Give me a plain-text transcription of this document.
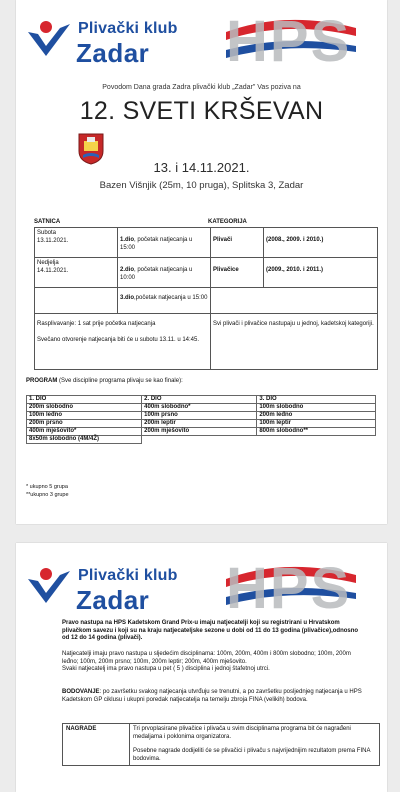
Plivački klub
Zadar HPS
Povodom Dana grada Zadra plivački klub „Zadar" Vas poziva na
12. SVETI KRŠEVAN
13. i 14.11.2021.
Bazen Višnjik (25m, 10 pruga), Splitska 3, Zadar
SATNICA	KATEGORIJA
Subota
13.11.2021.	1.dio, početak natjecanja u 15:00	Plivači	(2008., 2009. i 2010.)

Nedjelja
14.11.2021.	2.dio, početak natjecanja u 10:00	Plivačice	(2009., 2010. i 2011.)
	3.dio,početak natjecanja u 15:00		

Rasplivavanje: 1 sat prije početka natjecanja
Svečano otvorenje natjecanja biti će u subotu 13.11. u 14:45.		Svi plivači i plivačice nastupaju u jednoj, kadetskoj kategoriji.	
PROGRAM (Sve discipline programa plivaju se kao finale):
1. DIO	2. DIO	3. DIO
200m slobodno	400m slobodno*	100m slobodno
100m leđno	100m prsno	200m leđno
200m prsno	200m leptir	100m leptir
400m mješovito*	200m mješovito	800m slobodno**
8x50m slobodno (4M/4Ž)		
* ukupno 5 grupa
**ukupno 3 grupe
Plivački klub
Zadar HPS
Pravo nastupa na HPS Kadetskom Grand Prix-u imaju natjecatelji koji su registrirani u Hrvatskom plivačkom savezu i koji su na kraju natjecateljske sezone u dobi od 11 do 13 godina (plivačice),odnosno od 12 do 14 godina (plivači).
Natjecatelji imaju pravo nastupa u sljedećim disciplinama: 100m, 200m, 400m i 800m slobodno; 100m, 200m leđno; 100m, 200m prsno; 100m, 200m leptir; 200m, 400m mješovito.
Svaki natjecatelj ima pravo nastupa u pet ( 5 ) disciplina i jednoj štafetnoj utrci.
BODOVANJE: po završetku svakog natjecanja utvrđuju se trenutni, a po završetku posljednjeg natjecanja u HPS Kadetskom GP ciklusu i ukupni poredak natjecatelja na temelju zbroja FINA (velikih) bodova.
NAGRADE	Tri prvoplasirane plivačice i plivača u svim disciplinama programa bit će nagrađeni medaljama i poklonima organizatora.
Posebne nagrade dodijeliti će se plivačici i plivaču s najvrijednijim rezultatom prema FINA bodovima.
